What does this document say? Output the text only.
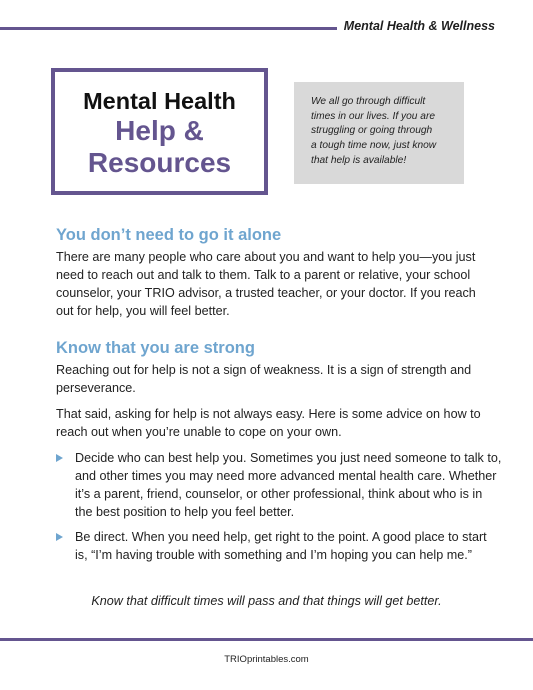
Mental Health & Wellness
Mental Health
Help &
Resources
We all go through difficult
times in our lives. If you are
struggling or going through
a tough time now, just know
that help is available!
You don’t need to go it alone
There are many people who care about you and want to help you—you just
need to reach out and talk to them. Talk to a parent or relative, your school
counselor, your TRIO advisor, a trusted teacher, or your doctor. If you reach
out for help, you will feel better.
Know that you are strong
Reaching out for help is not a sign of weakness. It is a sign of strength and
perseverance.
That said, asking for help is not always easy. Here is some advice on how to
reach out when you’re unable to cope on your own.
Decide who can best help you. Sometimes you just need someone to talk to,
and other times you may need more advanced mental health care. Whether
it’s a parent, friend, counselor, or other professional, think about who is in
the best position to help you feel better.
Be direct. When you need help, get right to the point. A good place to start
is, “I’m having trouble with something and I’m hoping you can help me.”
Know that difficult times will pass and that things will get better.
TRIOprintables.com
